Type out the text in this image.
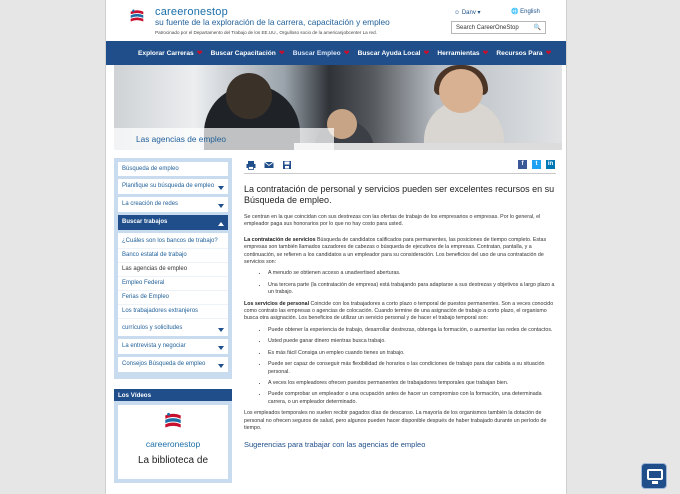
careeronestop
su fuente de la exploración de la carrera, capacitación y empleo
Patrocinado por el Departamento del Trabajo de los EE.UU., Orgulloso socio de la americanjobcenter La red.
☺ Danv ▾	🌐 English
Search CareerOneStop 🔍
Explorar Carreras ❤ Buscar Capacitación ❤ Buscar Empleo ❤ Buscar Ayuda Local ❤ Herramientas ❤ Recursos Para ❤
Las agencias de empleo
Búsqueda de empleo
Planifique su búsqueda de empleo
La creación de redes
Buscar trabajos
¿Cuáles son los bancos de trabajo?
Banco estatal de trabajo
Las agencias de empleo
Empleo Federal
Ferias de Empleo
Los trabajadores extranjeros
currículos y solicitudes
La entrevista y negociar
Consejos Búsqueda de empleo
Los Vídeos
careeronestop
La biblioteca de
f	t	in
La contratación de personal y servicios pueden ser excelentes recursos en su Búsqueda de empleo.
Se centran en la que coincidan con sus destrezas con las ofertas de trabajo de los empresarios o empresas. Por lo general, el empleador paga sus honorarios por lo que no hay costo para usted.
La contratación de servicios Búsqueda de candidatos calificados para permanentes, las posiciones de tiempo completo. Estas empresas son también llamados cazadores de cabezas o búsqueda de ejecutivos de la empresas. Contratan, pantalla, y a continuación, se refieren a los candidatos a un empleador para su consideración. Los beneficios del uso de una contratación de servicios son:
• A menudo se obtienen acceso a unadvertised aberturas.
• Una tercera parte (la contratación de empresa) está trabajando para adaptarse a sus destrezas y objetivos a largo plazo a un trabajo.
Los servicios de personal Coincide con los trabajadores a corto plazo o temporal de puestos permanentes. Son a veces conocido como contrato las empresas o agencias de colocación. Cuando termine de una asignación de trabajo a corto plazo, el organismo busca otra asignación. Los beneficios de utilizar un servicio personal y de hacer el trabajo temporal son:
• Puede obtener la experiencia de trabajo, desarrollar destrezas, obtenga la formación, o aumentar las redes de contactos.
• Usted puede ganar dinero mientras busca trabajo.
• Es más fácil Consiga un empleo cuando tienes un trabajo.
• Puede ser capaz de conseguir más flexibilidad de horarios o las condiciones de trabajo para dar cabida a su situación personal.
• A veces los empleadores ofrecen puestos permanentes de trabajadores temporales que trabajan bien.
• Puede comprobar un empleador o una ocupación antes de hacer un compromiso con la formación, una determinada carrera, o un empleador determinado.
Los empleados temporales no suelen recibir pagados días de descanso. La mayoría de los organismos también la dotación de personal no ofrecen seguros de salud, pero algunos pueden hacer disponible después de haber trabajado durante un período de tiempo.
Sugerencias para trabajar con las agencias de empleo
